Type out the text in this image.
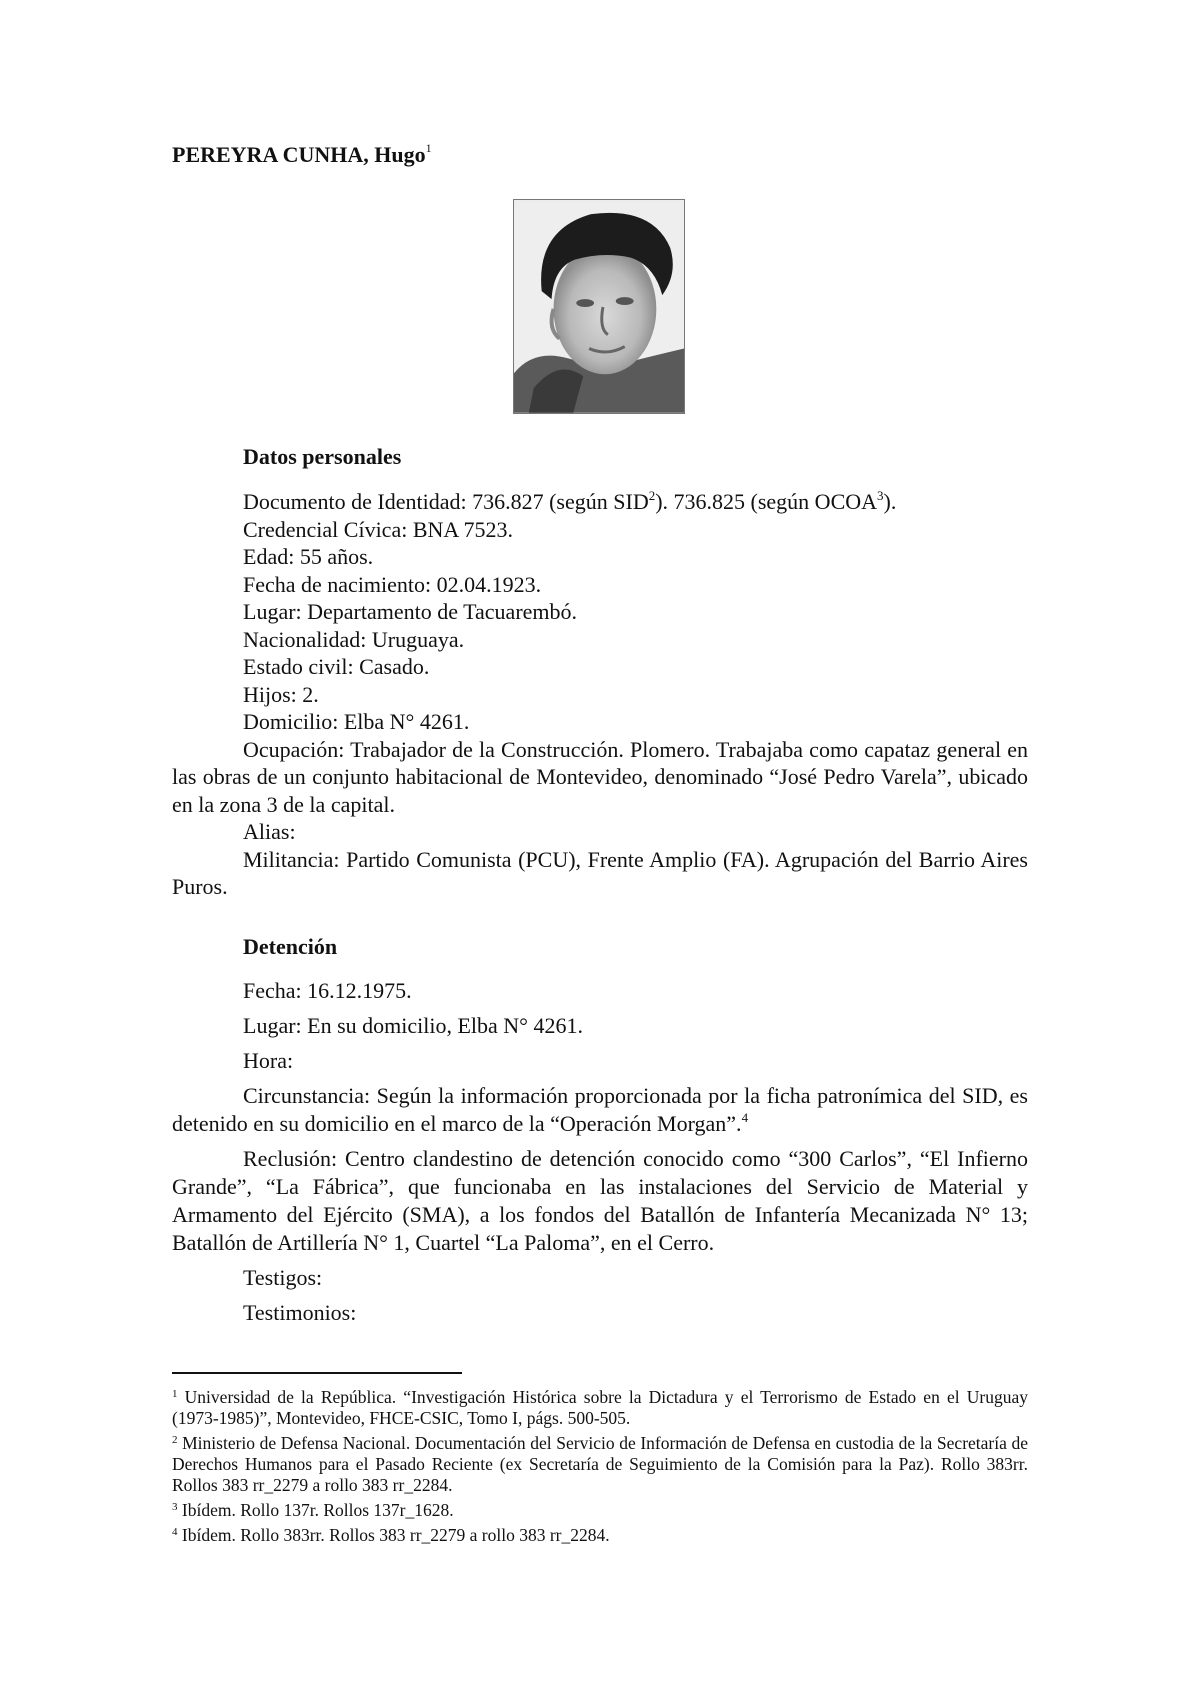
PEREYRA CUNHA, Hugo$^1$
Datos personales
Documento de Identidad: 736.827 (según SID$^2$). 736.825 (según OCOA$^3$).
Credencial Cívica: BNA 7523.
Edad: 55 años.
Fecha de nacimiento: 02.04.1923.
Lugar: Departamento de Tacuarembó.
Nacionalidad: Uruguaya.
Estado civil: Casado.
Hijos: 2.
Domicilio: Elba N° 4261.

Ocupación: Trabajador de la Construcción. Plomero. Trabajaba como capataz general en las obras de un conjunto habitacional de Montevideo, denominado “José Pedro Varela”, ubicado en la zona 3 de la capital.

Alias:

Militancia: Partido Comunista (PCU), Frente Amplio (FA). Agrupación del Barrio Aires Puros.

Detención
Fecha: 16.12.1975.
Lugar: En su domicilio, Elba N° 4261.
Hora:

Circunstancia: Según la información proporcionada por la ficha patronímica del SID, es detenido en su domicilio en el marco de la “Operación Morgan”.$^4$

Reclusión: Centro clandestino de detención conocido como “300 Carlos”, “El Infierno Grande”, “La Fábrica”, que funcionaba en las instalaciones del Servicio de Material y Armamento del Ejército (SMA), a los fondos del Batallón de Infantería Mecanizada N° 13; Batallón de Artillería N° 1, Cuartel “La Paloma”, en el Cerro.

Testigos:
Testimonios:

$^1$ Universidad de la República. “Investigación Histórica sobre la Dictadura y el Terrorismo de Estado en el Uruguay (1973-1985)”, Montevideo, FHCE-CSIC, Tomo I, págs. 500-505.

$^2$ Ministerio de Defensa Nacional. Documentación del Servicio de Información de Defensa en custodia de la Secretaría de Derechos Humanos para el Pasado Reciente (ex Secretaría de Seguimiento de la Comisión para la Paz). Rollo 383rr. Rollos 383 rr_2279 a rollo 383 rr_2284.

$^3$ Ibídem. Rollo 137r. Rollos 137r_1628.

$^4$ Ibídem. Rollo 383rr. Rollos 383 rr_2279 a rollo 383 rr_2284.
